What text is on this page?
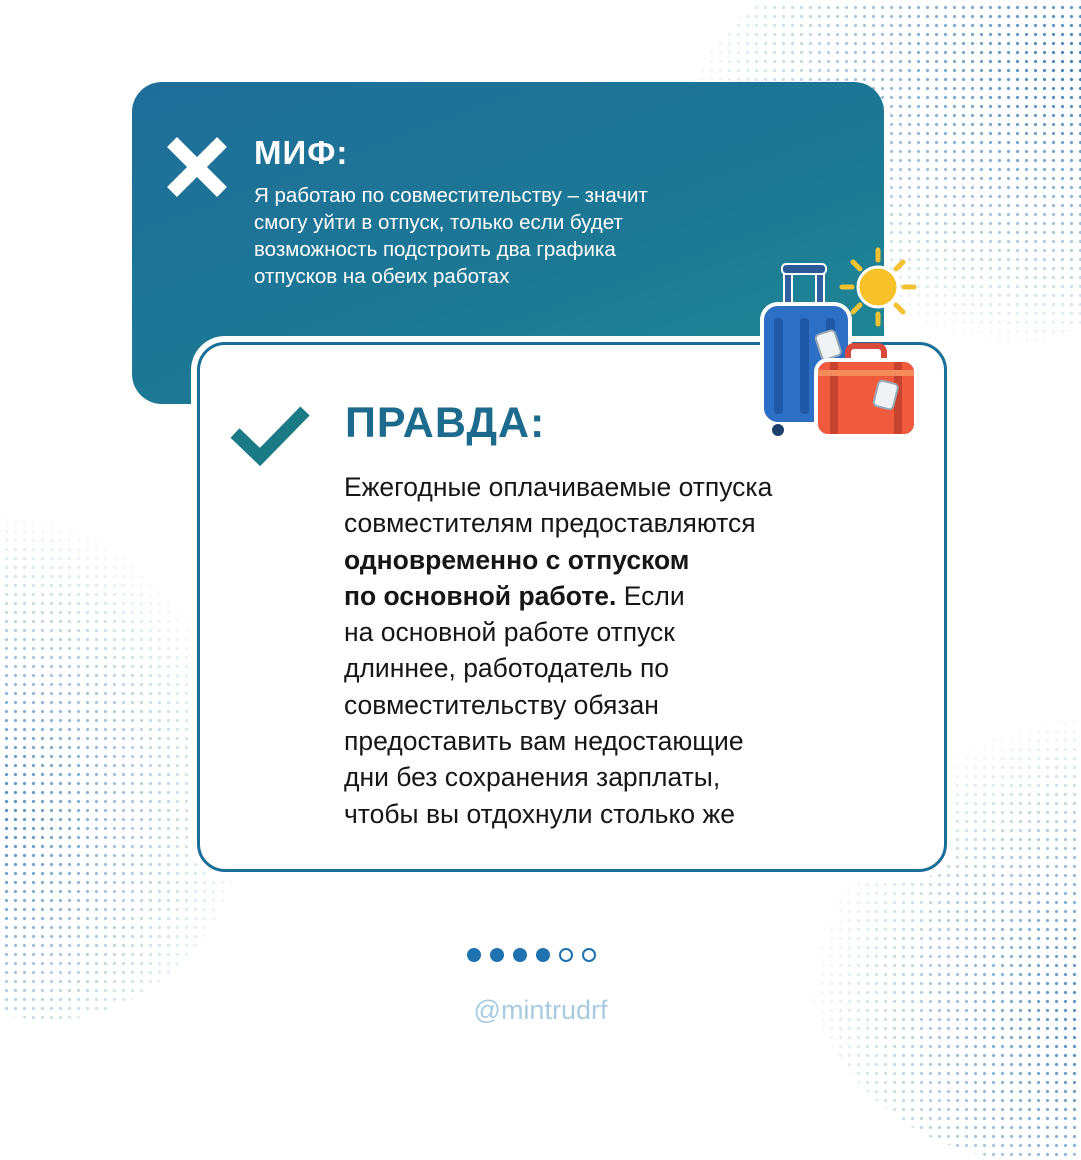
МИФ:
Я работаю по совместительству – значит
смогу уйти в отпуск, только если будет
возможность подстроить два графика
отпусков на обеих работах
ПРАВДА:
Ежегодные оплачиваемые отпуска
совместителям предоставляются
одновременно с отпуском
по основной работе. Если
на основной работе отпуск
длиннее, работодатель по
совместительству обязан
предоставить вам недостающие
дни без сохранения зарплаты,
чтобы вы отдохнули столько же
@mintrudrf
